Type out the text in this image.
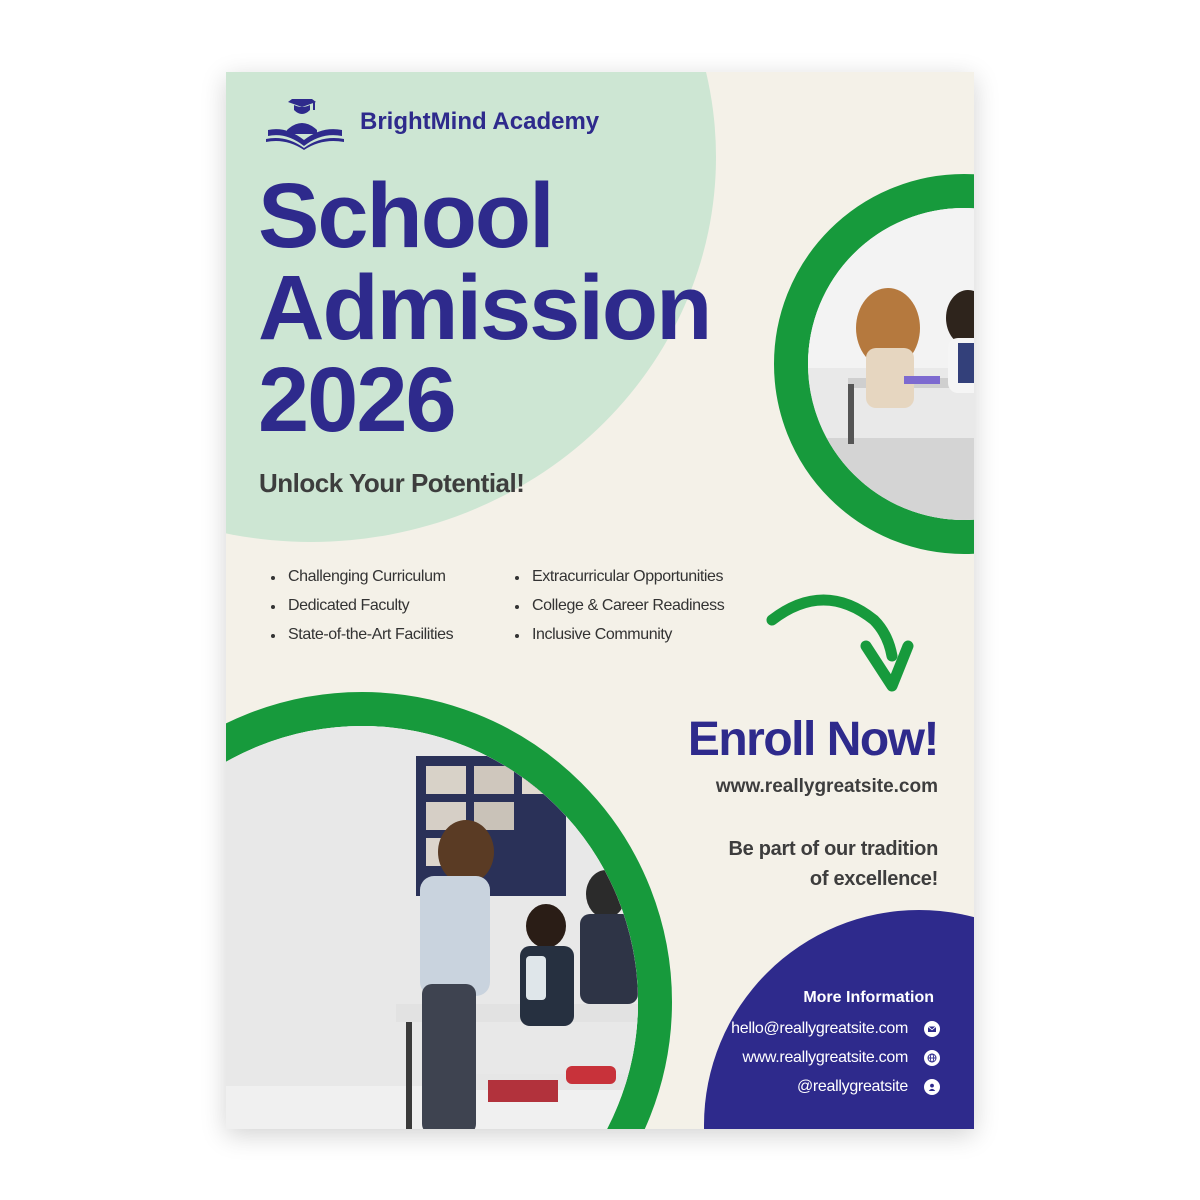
BrightMind Academy
School
Admission
2026
Unlock Your Potential!
Challenging Curriculum
Dedicated Faculty
State-of-the-Art Facilities
Extracurricular Opportunities
College & Career Readiness
Inclusive Community
Enroll Now!
www.reallygreatsite.com
Be part of our tradition
of excellence!
More Information
hello@reallygreatsite.com
www.reallygreatsite.com
@reallygreatsite
